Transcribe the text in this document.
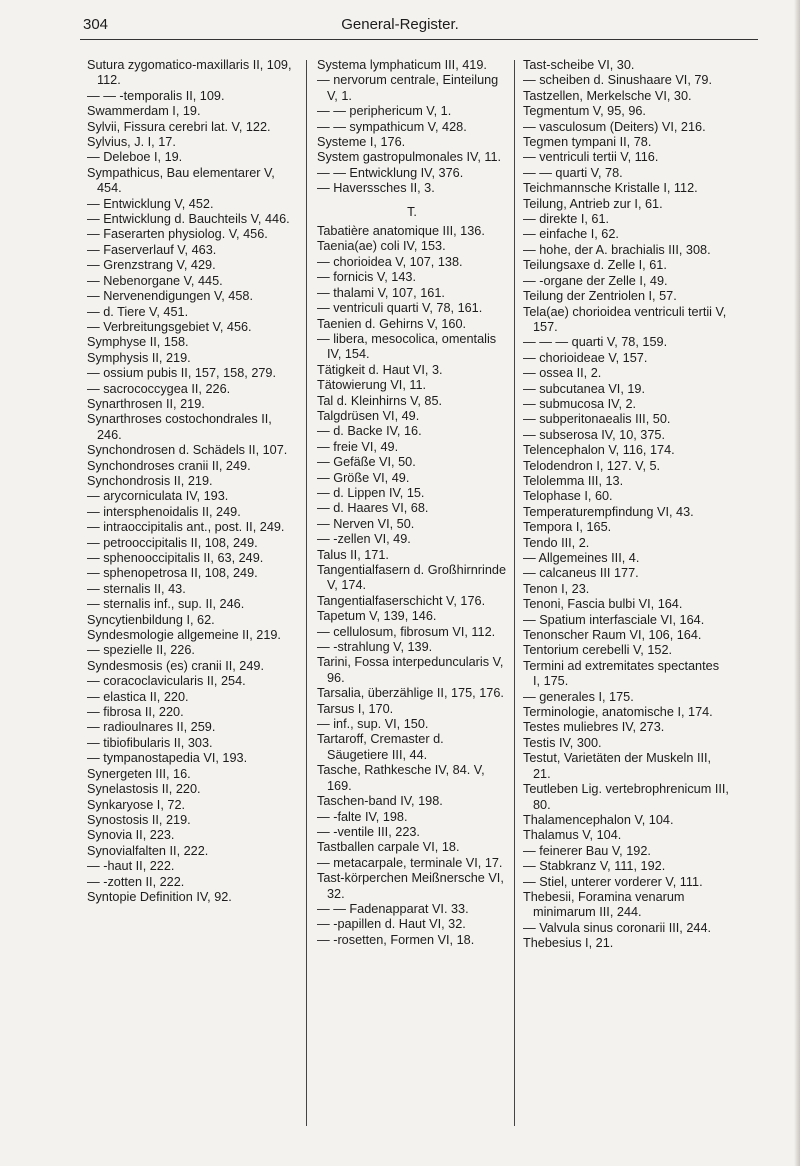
304	General-Register.

Sutura zygomatico-maxillaris II, 109, 112.

— — -temporalis II, 109.

Swammerdam I, 19.

Sylvii, Fissura cerebri lat. V, 122.

Sylvius, J. I, 17.

— Deleboe I, 19.

Sympathicus, Bau elementarer V, 454.

— Entwicklung V, 452.

— Entwicklung d. Bauchteils V, 446.

— Faserarten physiolog. V, 456.

— Faserverlauf V, 463.

— Grenzstrang V, 429.

— Nebenorgane V, 445.

— Nervenendigungen V, 458.

— d. Tiere V, 451.

— Verbreitungsgebiet V, 456.

Symphyse II, 158.

Symphysis II, 219.

— ossium pubis II, 157, 158, 279.

— sacrococcygea II, 226.

Synarthrosen II, 219.

Synarthroses costochondrales II, 246.

Synchondrosen d. Schädels II, 107.

Synchondroses cranii II, 249.

Synchondrosis II, 219.

— arycorniculata IV, 193.

— intersphenoidalis II, 249.

— intraoccipitalis ant., post. II, 249.

— petrooccipitalis II, 108, 249.

— sphenooccipitalis II, 63, 249.

— sphenopetrosa II, 108, 249.

— sternalis II, 43.

— sternalis inf., sup. II, 246.

Syncytienbildung I, 62.

Syndesmologie allgemeine II, 219.

— spezielle II, 226.

Syndesmosis (es) cranii II, 249.

— coracoclavicularis II, 254.

— elastica II, 220.

— fibrosa II, 220.

— radioulnares II, 259.

— tibiofibularis II, 303.

— tympanostapedia VI, 193.

Synergeten III, 16.

Synelastosis II, 220.

Synkaryose I, 72.

Synostosis II, 219.

Synovia II, 223.

Synovialfalten II, 222.

— -haut II, 222.

— -zotten II, 222.

Syntopie Definition IV, 92.

Systema lymphaticum III, 419.

— nervorum centrale, Einteilung V, 1.

— — periphericum V, 1.

— — sympathicum V, 428.

Systeme I, 176.

System gastropulmonales IV, 11.

— — Entwicklung IV, 376.

— Haverssches II, 3.

T.

Tabatière anatomique III, 136.

Taenia(ae) coli IV, 153.

— chorioidea V, 107, 138.

— fornicis V, 143.

— thalami V, 107, 161.

— ventriculi quarti V, 78, 161.

Taenien d. Gehirns V, 160.

— libera, mesocolica, omentalis IV, 154.

Tätigkeit d. Haut VI, 3.

Tätowierung VI, 11.

Tal d. Kleinhirns V, 85.

Talgdrüsen VI, 49.

— d. Backe IV, 16.

— freie VI, 49.

— Gefäße VI, 50.

— Größe VI, 49.

— d. Lippen IV, 15.

— d. Haares VI, 68.

— Nerven VI, 50.

— -zellen VI, 49.

Talus II, 171.

Tangentialfasern d. Großhirnrinde V, 174.

Tangentialfaserschicht V, 176.

Tapetum V, 139, 146.

— cellulosum, fibrosum VI, 112.

— -strahlung V, 139.

Tarini, Fossa interpeduncularis V, 96.

Tarsalia, überzählige II, 175, 176.

Tarsus I, 170.

— inf., sup. VI, 150.

Tartaroff, Cremaster d. Säugetiere III, 44.

Tasche, Rathkesche IV, 84. V, 169.

Taschen-band IV, 198.

— -falte IV, 198.

— -ventile III, 223.

Tastballen carpale VI, 18.

— metacarpale, terminale VI, 17.

Tast-körperchen Meißnersche VI, 32.

— — Fadenapparat VI. 33.

— -papillen d. Haut VI, 32.

— -rosetten, Formen VI, 18.

Tast-scheibe VI, 30.

— scheiben d. Sinushaare VI, 79.

Tastzellen, Merkelsche VI, 30.

Tegmentum V, 95, 96.

— vasculosum (Deiters) VI, 216.

Tegmen tympani II, 78.

— ventriculi tertii V, 116.

— — quarti V, 78.

Teichmannsche Kristalle I, 112.

Teilung, Antrieb zur I, 61.

— direkte I, 61.

— einfache I, 62.

— hohe, der A. brachialis III, 308.

Teilungsaxe d. Zelle I, 61.

— -organe der Zelle I, 49.

Teilung der Zentriolen I, 57.

Tela(ae) chorioidea ventriculi tertii V, 157.

— — — quarti V, 78, 159.

— chorioideae V, 157.

— ossea II, 2.

— subcutanea VI, 19.

— submucosa IV, 2.

— subperitonaealis III, 50.

— subserosa IV, 10, 375.

Telencephalon V, 116, 174.

Telodendron I, 127. V, 5.

Telolemma III, 13.

Telophase I, 60.

Temperaturempfindung VI, 43.

Tempora I, 165.

Tendo III, 2.

— Allgemeines III, 4.

— calcaneus III 177.

Tenon I, 23.

Tenoni, Fascia bulbi VI, 164.

— Spatium interfasciale VI, 164.

Tenonscher Raum VI, 106, 164.

Tentorium cerebelli V, 152.

Termini ad extremitates spectantes I, 175.

— generales I, 175.

Terminologie, anatomische I, 174.

Testes muliebres IV, 273.

Testis IV, 300.

Testut, Varietäten der Muskeln III, 21.

Teutleben Lig. vertebrophrenicum III, 80.

Thalamencephalon V, 104.

Thalamus V, 104.

— feinerer Bau V, 192.

— Stabkranz V, 111, 192.

— Stiel, unterer vorderer V, 111.

Thebesii, Foramina venarum minimarum III, 244.

— Valvula sinus coronarii III, 244.

Thebesius I, 21.
